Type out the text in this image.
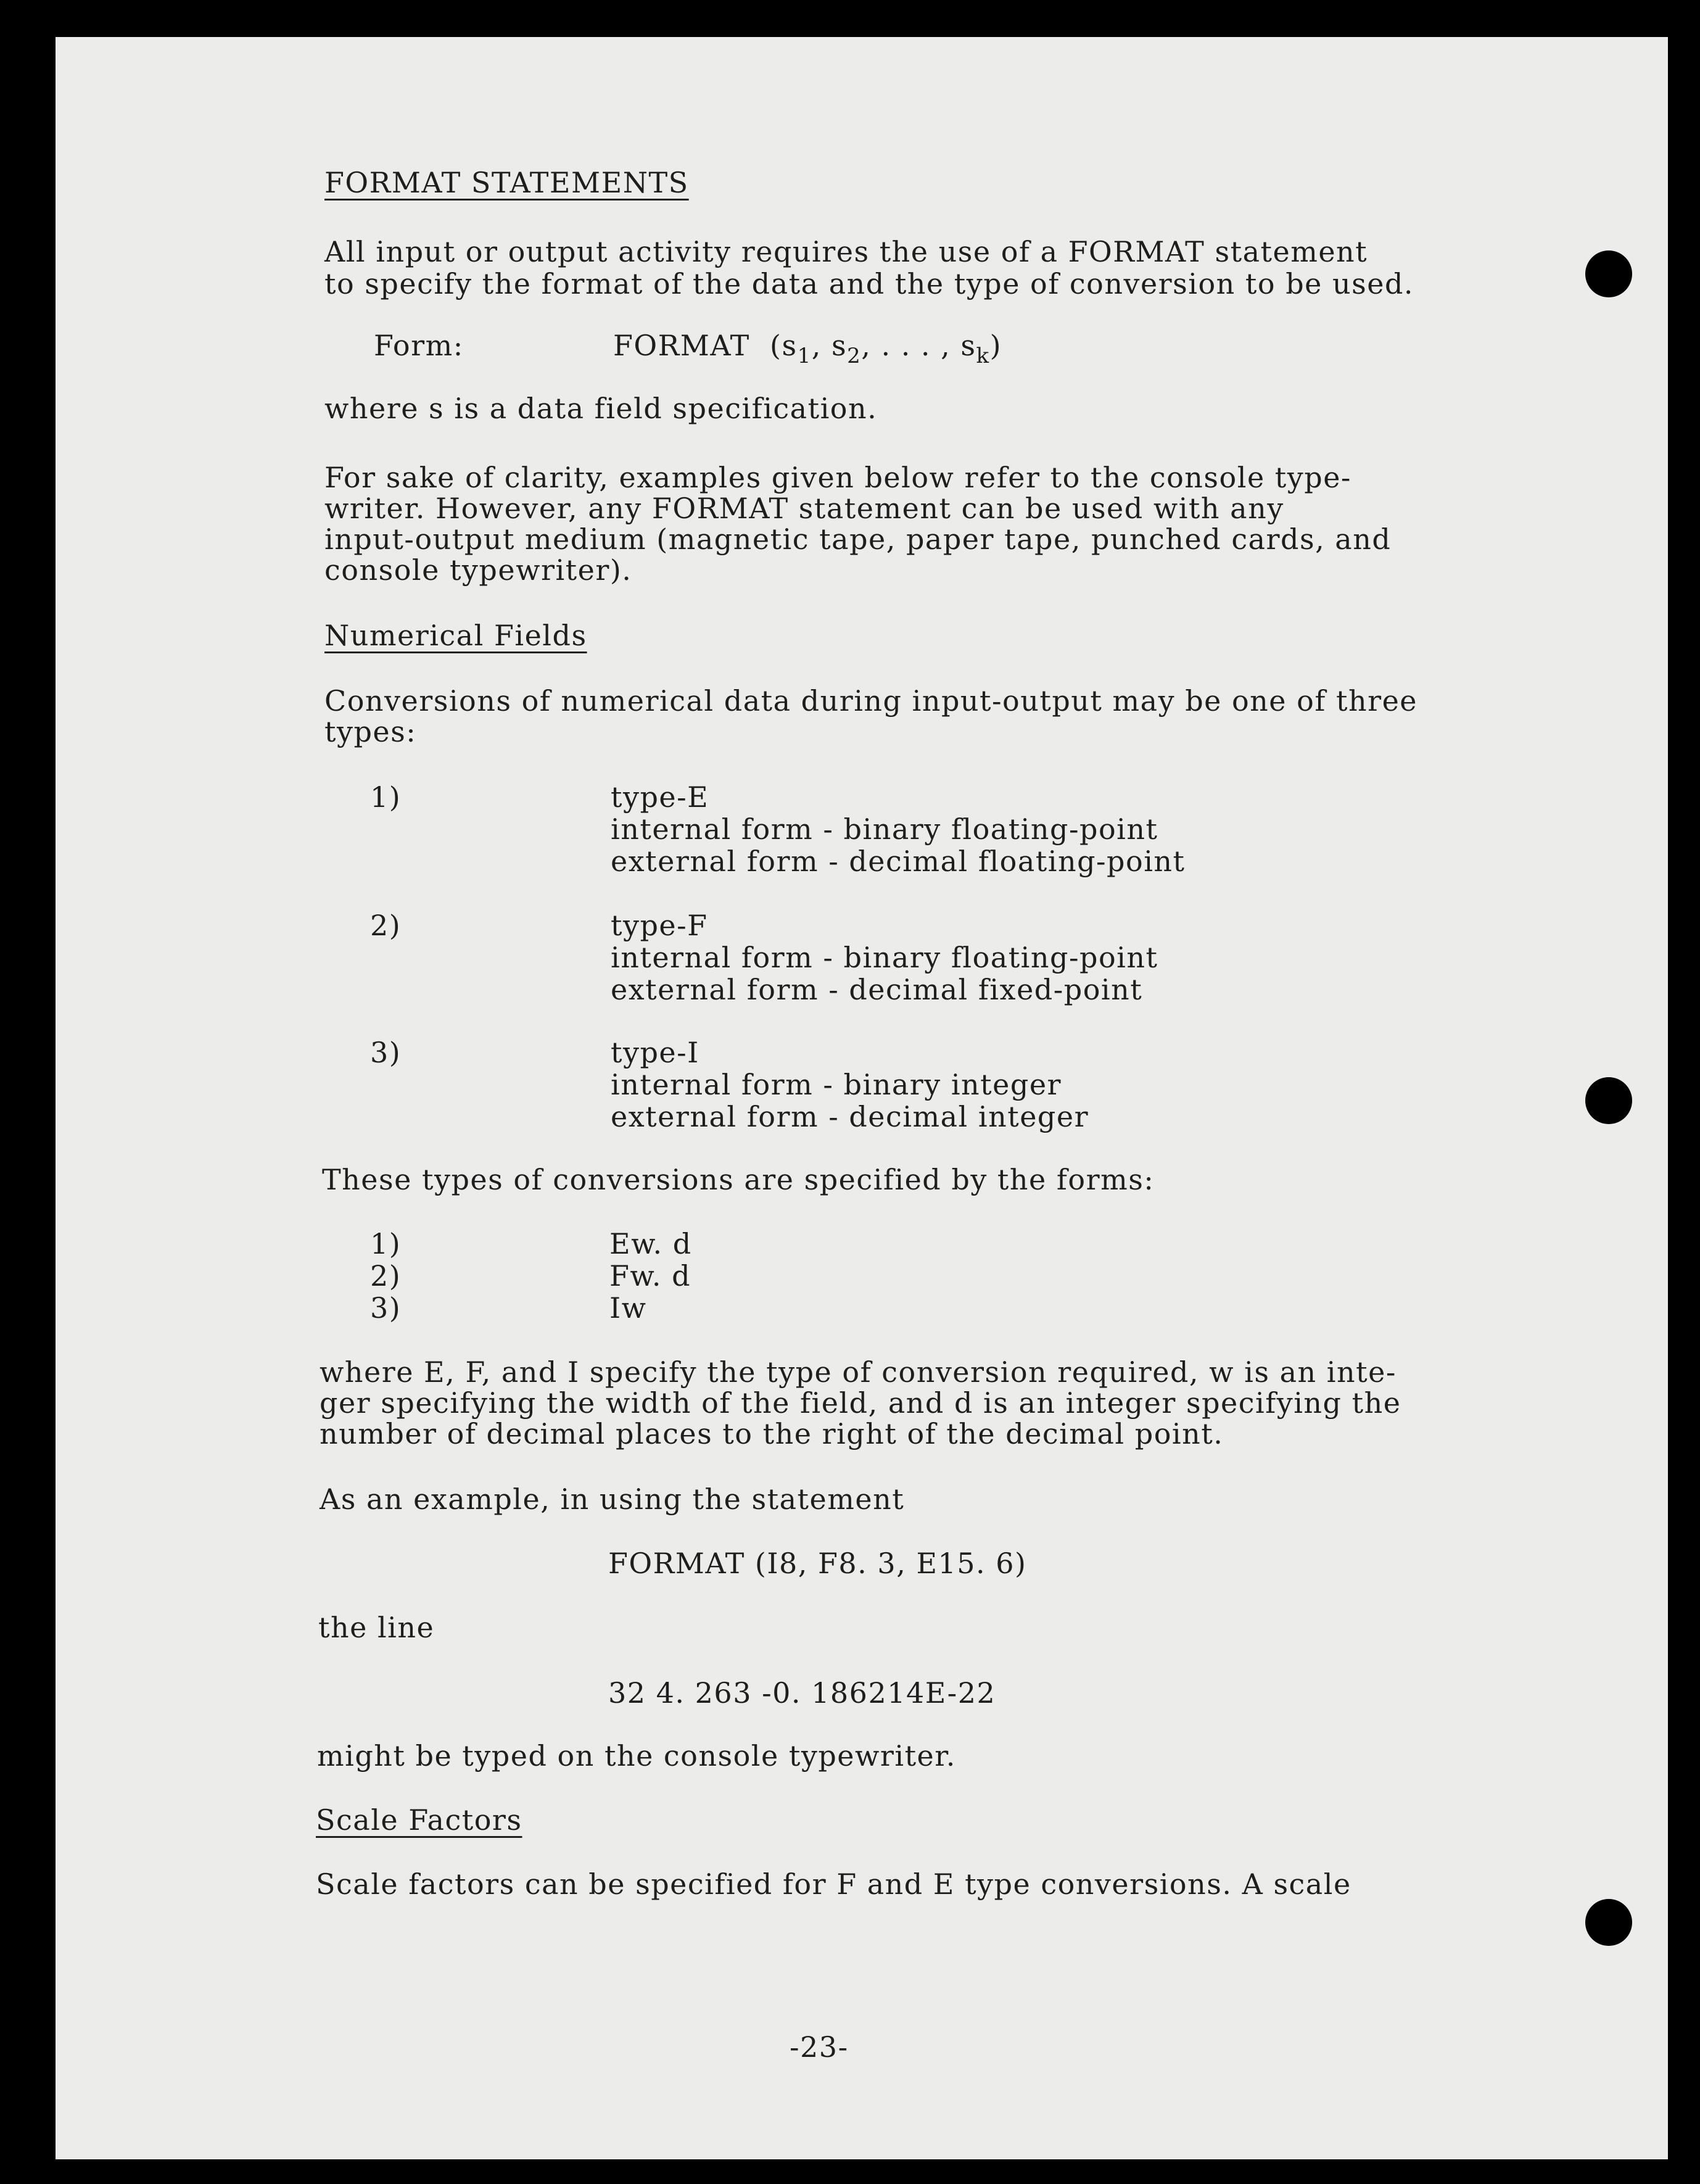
FORMAT STATEMENTS
All input or output activity requires the use of a FORMAT statement
to specify the format of the data and the type of conversion to be used.
Form:	FORMAT ($s_1$, $s_2$, . . . , $s_k$)
where s is a data field specification.
For sake of clarity, examples given below refer to the console type-
writer. However, any FORMAT statement can be used with any
input-output medium (magnetic tape, paper tape, punched cards, and
console typewriter).
Numerical Fields
Conversions of numerical data during input-output may be one of three
types:
1)	type-E
internal form - binary floating-point
external form - decimal floating-point
2)	type-F
internal form - binary floating-point
external form - decimal fixed-point
3)	type-I
internal form - binary integer
external form - decimal integer
These types of conversions are specified by the forms:
1)	Ew. d
2)	Fw. d
3)	Iw
where E, F, and I specify the type of conversion required, w is an inte-
ger specifying the width of the field, and d is an integer specifying the
number of decimal places to the right of the decimal point.
As an example, in using the statement
FORMAT (I8, F8. 3, E15. 6)
the line
32 4. 263 -0. 186214E-22
might be typed on the console typewriter.
Scale Factors
Scale factors can be specified for F and E type conversions. A scale
-23-
